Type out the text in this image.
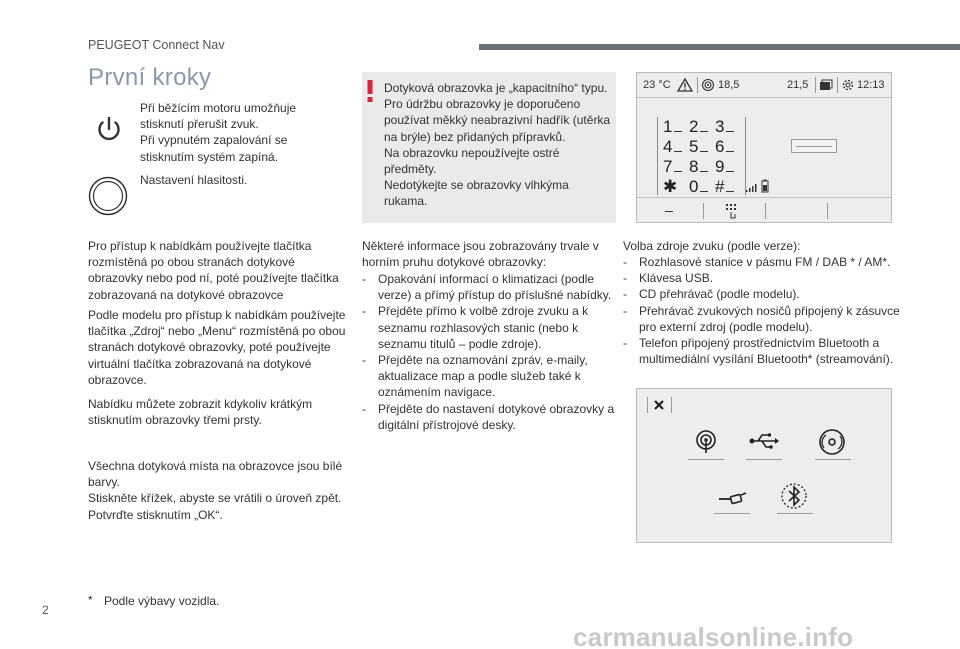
PEUGEOT Connect Nav
První kroky
Při běžícím motoru umožňuje stisknutí přerušit zvuk.
Při vypnutém zapalování se stisknutím systém zapíná.
Nastavení hlasitosti.
Pro přístup k nabídkám používejte tlačítka rozmístěná po obou stranách dotykové obrazovky nebo pod ní, poté používejte tlačítka zobrazovaná na dotykové obrazovce
Podle modelu pro přístup k nabídkám používejte tlačítka „Zdroj“ nebo „Menu“ rozmístěná po obou stranách dotykové obrazovky, poté používejte virtuální tlačítka zobrazovaná na dotykové obrazovce.
Nabídku můžete zobrazit kdykoliv krátkým stisknutím obrazovky třemi prsty.
Všechna dotyková místa na obrazovce jsou bílé barvy.
Stiskněte křížek, abyste se vrátili o úroveň zpět.
Potvrďte stisknutím „OK“.
* Podle výbavy vozidla.
Dotyková obrazovka je „kapacitního“ typu.
Pro údržbu obrazovky je doporučeno používat měkký neabrazivní hadřík (utěrka na brýle) bez přidaných přípravků.
Na obrazovku nepoužívejte ostré předměty.
Nedotýkejte se obrazovky vlhkýma rukama.
Některé informace jsou zobrazovány trvale v horním pruhu dotykové obrazovky:
- Opakování informací o klimatizaci (podle verze) a přímý přístup do příslušné nabídky.
- Přejděte přímo k volbě zdroje zvuku a k seznamu rozhlasových stanic (nebo k seznamu titulů – podle zdroje).
- Přejděte na oznamování zpráv, e-maily, aktualizace map a podle služeb také k oznámením navigace.
- Přejděte do nastavení dotykové obrazovky a digitální přístrojové desky.
23 °C	18,5	21,5	12:13
1 2 3
4 5 6
7 8 9
✱ 0 #
Volba zdroje zvuku (podle verze):
- Rozhlasové stanice v pásmu FM / DAB * / AM*.
- Klávesa USB.
- CD přehrávač (podle modelu).
- Přehrávač zvukových nosičů připojený k zásuvce pro externí zdroj (podle modelu).
- Telefon připojený prostřednictvím Bluetooth a multimediální vysílání Bluetooth* (streamování).
2
carmanualsonline.info
